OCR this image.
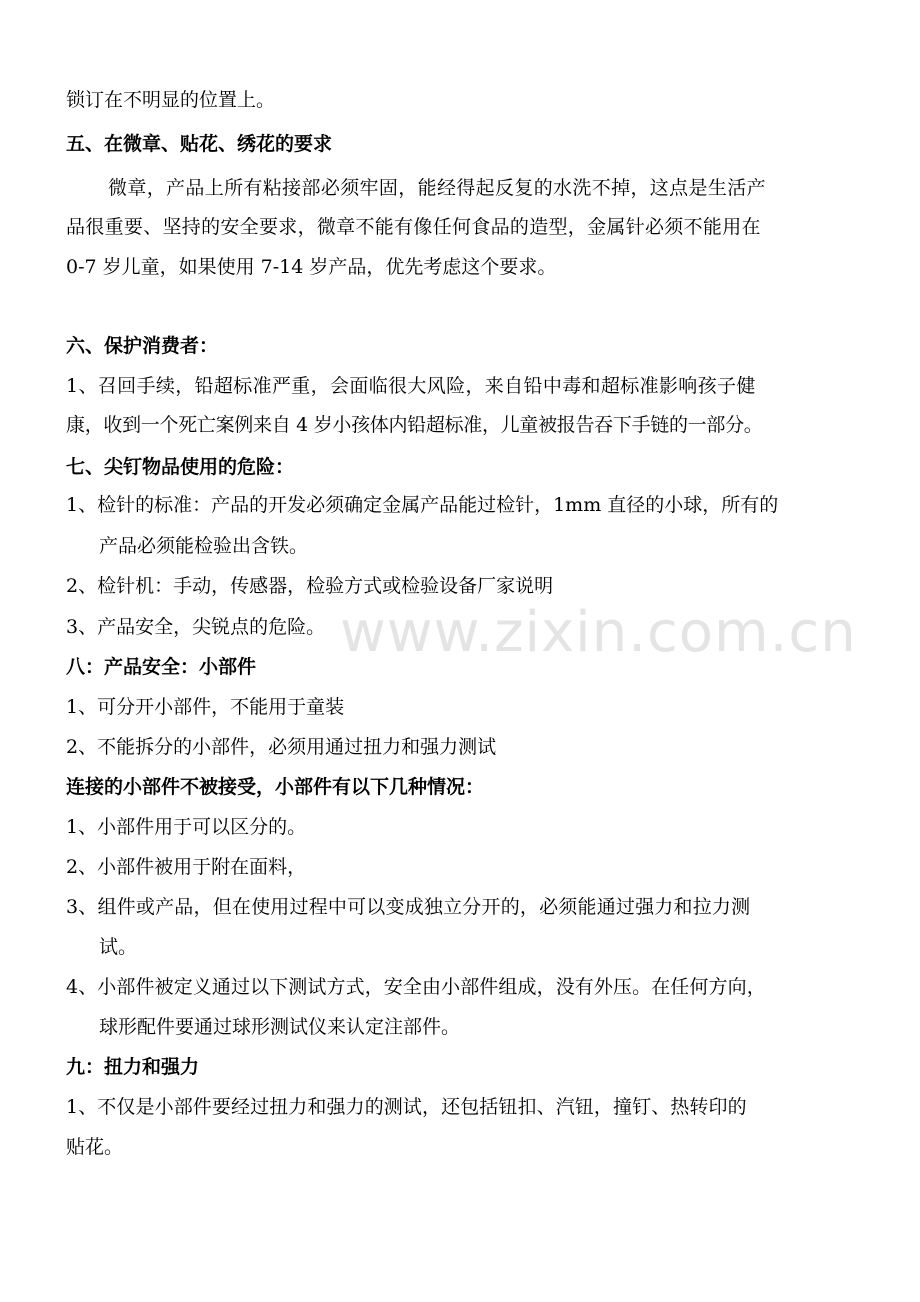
www.zixin.com.cn
锁订在不明显的位置上。
五、在微章、贴花、绣花的要求
微章，产品上所有粘接部必须牢固，能经得起反复的水洗不掉，这点是生活产
品很重要、坚持的安全要求，微章不能有像任何食品的造型，金属针必须不能用在
0-7 岁儿童，如果使用 7-14 岁产品，优先考虑这个要求。
六、保护消费者：
1、召回手续，铅超标准严重，会面临很大风险，来自铅中毒和超标准影响孩子健
康，收到一个死亡案例来自 4 岁小孩体内铅超标准，儿童被报告吞下手链的一部分。
七、尖钉物品使用的危险：
1、检针的标准：产品的开发必须确定金属产品能过检针，1mm 直径的小球，所有的
产品必须能检验出含铁。
2、检针机：手动，传感器，检验方式或检验设备厂家说明
3、产品安全，尖锐点的危险。
八：产品安全：小部件
1、可分开小部件，不能用于童装
2、不能拆分的小部件，必须用通过扭力和强力测试
连接的小部件不被接受，小部件有以下几种情况：
1、小部件用于可以区分的。
2、小部件被用于附在面料，
3、组件或产品，但在使用过程中可以变成独立分开的，必须能通过强力和拉力测
试。
4、小部件被定义通过以下测试方式，安全由小部件组成，没有外压。在任何方向，
球形配件要通过球形测试仪来认定注部件。
九：扭力和强力
1、不仅是小部件要经过扭力和强力的测试，还包括钮扣、汽钮，撞钉、热转印的
贴花。
